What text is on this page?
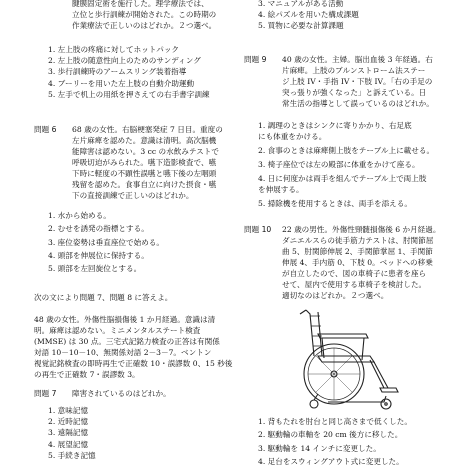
腱膜固定術を施行した。理学療法では、

立位と歩行訓練が開始された。この時期の

作業療法で正しいのはどれか。２つ選べ。

1. 左上肢の疼痛に対してホットパック
2. 左上肢の随意性向上のためのサンディング
3. 歩行訓練時のアームスリング装着指導
4. ブーリーを用いた左上肢の自動介助運動
5. 左手で机上の用紙を押さえての右手書字訓練
問題 6 68 歳の女性。右脳梗塞発症 7 日目。重度の

左片麻痺を認めた。意識は清明。高次脳機

能障害は認めない。3 cc の水飲みテストで

呼吸切迫がみられた。嚥下造影検査で、嚥

下時に軽度の不顕性誤嚥と嚥下後の左咽頭

残留を認めた。食事自立に向けた摂食・嚥

下の直接訓練で正しいのはどれか。

1. 水から始める。
2. むせを誘発の指標とする。
3. 座位姿勢は垂直座位で始める。
4. 頭部を伸展位に保持する。
5. 頭部を左回旋位とする。

次の文により問題 7、問題 8 に答えよ。

48 歳の女性。外傷性脳損傷後 1 か月経過。意識は清

明。麻痺は認めない。ミニメンタルステート検査

(MMSE) は 30 点。三宅式記銘力検査の正答は有関係

対語 10－10－10、無関係対語 2－3－7。ベントン

視覚記銘検査の即時再生で正確数 10・誤謬数 0、15 秒後

の再生で正確数 7・誤謬数 3。

問題 7 障害されているのはどれか。

1. 意味記憶
2. 近時記憶
3. 遠隔記憶
4. 展望記憶
5. 手続き記憶
3. マニュアルがある活動
4. 絵パズルを用いた構成課題
5. 買物に必要な計算課題
問題 9 40 歳の女性。主婦。脳出血後 3 年経過。右

片麻痺。上肢のブルンストローム法ステー

ジ上肢 IV・手指 IV・下肢 IV。「右の手足の

突っ張りが強くなった」と訴えている。日

常生活の指導として誤っているのはどれか。

1. 調理のときはシンクに寄りかかり、右足底

にも体重をかける。

2. 食事のときは麻痺側上肢をテーブル上に載せる。

3. 椅子座位では左の殿部に体重をかけて座る。

4. 日に何度かは両手を組んでテーブル上で両上肢

を伸展する。

5. 掃除機を使用するときは、両手を添える。

問題 10 22 歳の男性。外傷性頸髄損傷後 6 か月経過。

ダニエルスらの徒手筋力テストは、肘関節屈

曲 5、肘関節伸展 2、手関節掌屈 1、手関節

伸展 4、手内筋 0、下肢 0。ベッドへの移乗

が自立したので、図の車椅子に患者を座ら

せて、屋内で使用する車椅子を検討した。

適切なのはどれか。２つ選べ。

1. 背もたれを肘台と同じ高さまで低くした。
2. 駆動輪の車軸を 20 cm 後方に移した。
3. 駆動輪を 14 インチに変更した。
4. 足台をスウィングアウト式に変更した。
